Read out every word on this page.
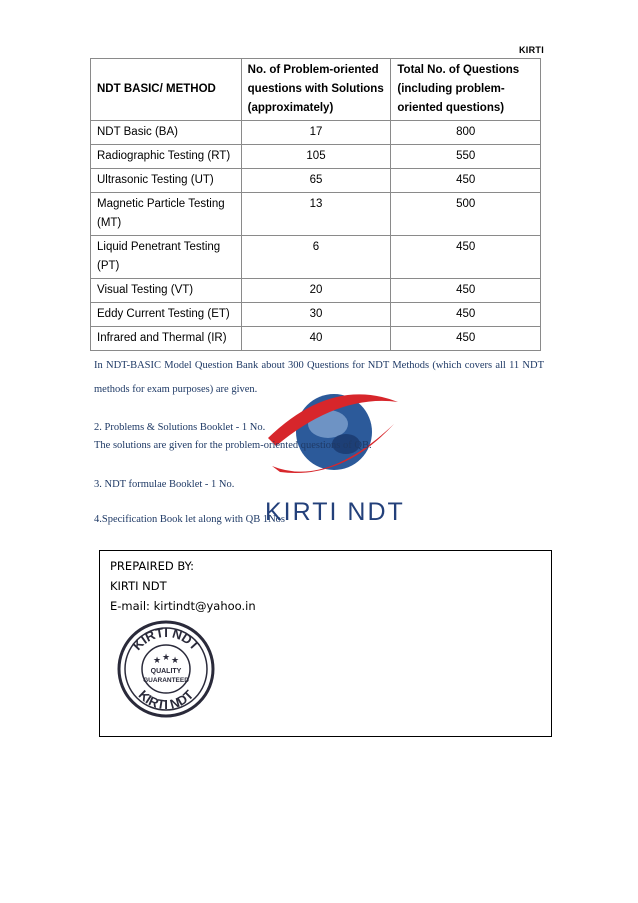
KIRTI
NDT BASIC/ METHOD	No. of Problem-oriented questions with Solutions (approximately)	Total No. of Questions (including problem-oriented questions)
NDT Basic (BA)	17	800
Radiographic Testing (RT)	105	550
Ultrasonic Testing (UT)	65	450
Magnetic Particle Testing (MT)	13	500
Liquid Penetrant Testing (PT)	6	450
Visual Testing (VT)	20	450
Eddy Current Testing (ET)	30	450
Infrared and Thermal (IR)	40	450
KIRTI NDT

In NDT-BASIC Model Question Bank about 300 Questions for NDT Methods (which covers all 11 NDT methods for exam purposes) are given.

2. Problems & Solutions Booklet - 1 No.
The solutions are given for the problem-oriented questions of QB.

3. NDT formulae Booklet - 1 No.

4.Specification Book let along with QB 1Nos

PREPAIRED BY:
KIRTI NDT
E-mail: kirtindt@yahoo.in
KIRTI NDT
KIRTI NDT
★ ★ ★
QUALITY
GUARANTEED
